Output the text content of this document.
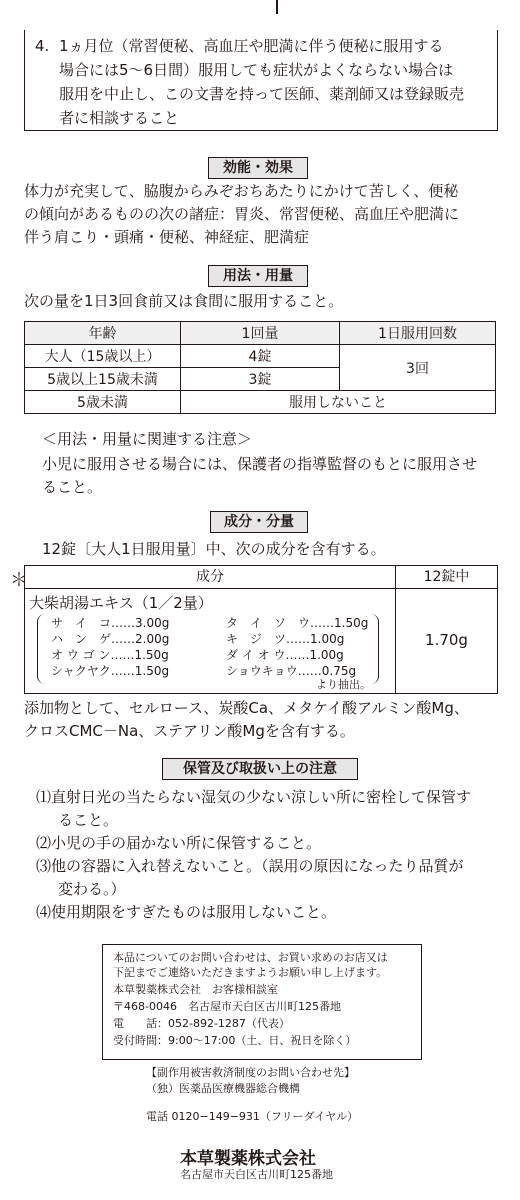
4. 1ヵ月位（常習便秘、高血圧や肥満に伴う便秘に服用する
場合には5〜6日間）服用しても症状がよくならない場合は
服用を中止し、この文書を持って医師、薬剤師又は登録販売
者に相談すること
効能・効果
体力が充実して、脇腹からみぞおちあたりにかけて苦しく、便秘
の傾向があるものの次の諸症：胃炎、常習便秘、高血圧や肥満に
伴う肩こり・頭痛・便秘、神経症、肥満症
用法・用量
次の量を1日3回食前又は食間に服用すること。
年齢	1回量	1日服用回数
大人（15歳以上）	4錠	3回
5歳以上15歳未満	3錠	
5歳未満	服用しないこと	
＜用法・用量に関連する注意＞
小児に服用させる場合には、保護者の指導監督のもとに服用させ
ること。
成分・分量
12錠〔大人1日服用量〕中、次の成分を含有する。
＊	成分	12錠中
大柴胡湯エキス（1／2量）
サ　イ　コ……3.00g	タ　イ　ソ　ウ……1.50g
ハ　ン　ゲ……2.00g	キ　ジ　ツ……1.00g
オ ウ ゴ ン……1.50g	ダ イ オ ウ……1.00g
シャクヤク……1.50g	ショウキョウ……0.75g
より抽出。
1.70g
添加物として、セルロース、炭酸Ca、メタケイ酸アルミン酸Mg、
クロスCMC－Na、ステアリン酸Mgを含有する。
保管及び取扱い上の注意
⑴直射日光の当たらない湿気の少ない涼しい所に密栓して保管す
ること。
⑵小児の手の届かない所に保管すること。
⑶他の容器に入れ替えないこと。（誤用の原因になったり品質が
変わる。）
⑷使用期限をすぎたものは服用しないこと。
本品についてのお問い合わせは、お買い求めのお店又は
下記までご連絡いただきますようお願い申し上げます。
本草製薬株式会社　お客様相談室
〒468-0046　名古屋市天白区古川町125番地
電　　話：052-892-1287（代表）
受付時間：9:00〜17:00（土、日、祝日を除く）
【副作用被害救済制度のお問い合わせ先】
（独）医薬品医療機器総合機構
電話 0120−149−931（フリーダイヤル）
本草製薬株式会社
名古屋市天白区古川町125番地
